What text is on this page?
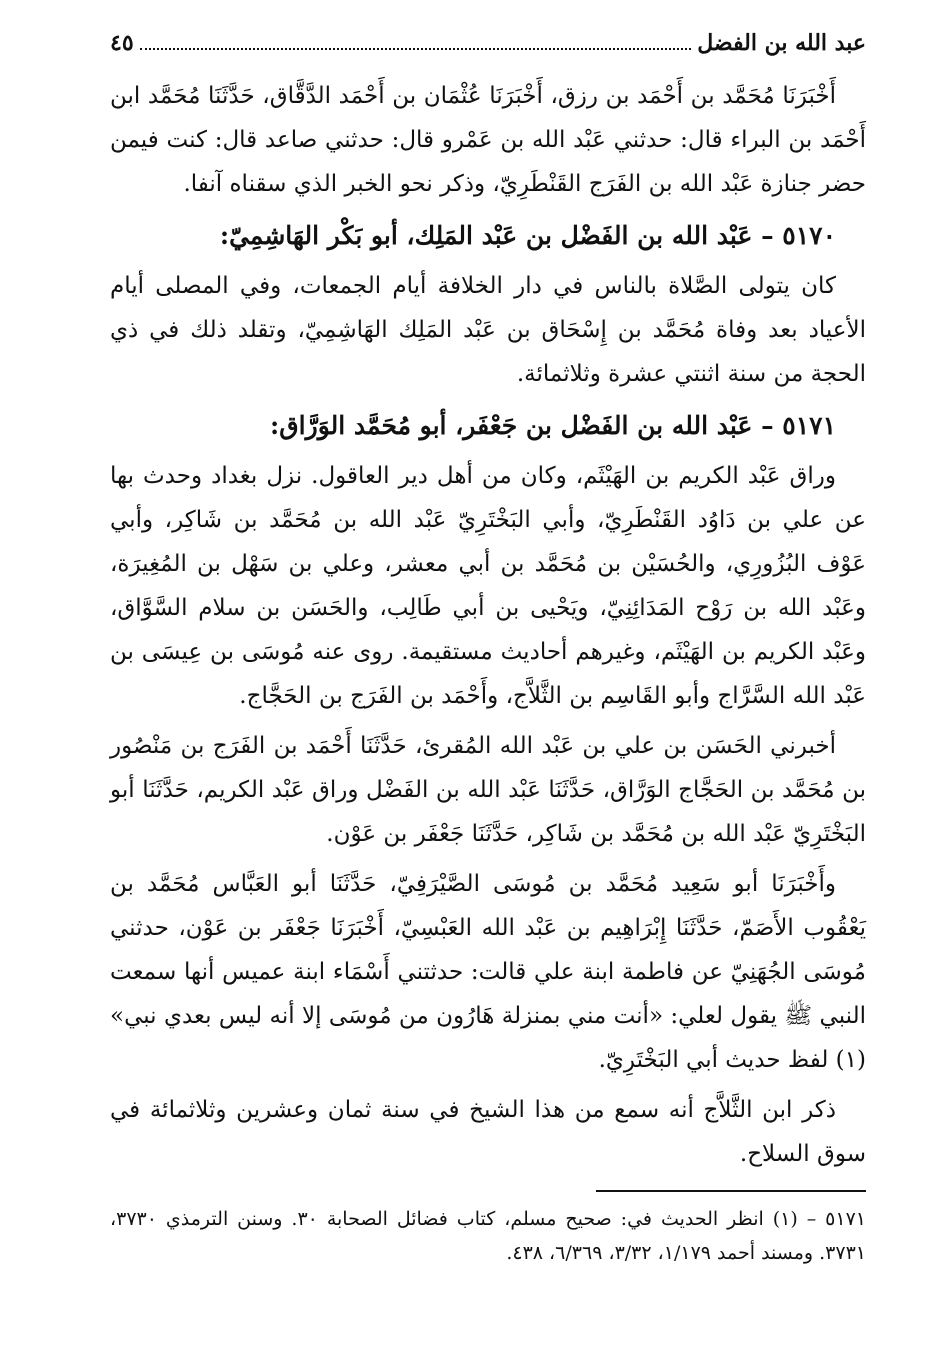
عبد الله بن الفضل
٤٥

أَخْبَرَنَا مُحَمَّد بن أَحْمَد بن رزق، أَخْبَرَنَا عُثْمَان بن أَحْمَد الدَّقَّاق، حَدَّثَنَا مُحَمَّد ابن أَحْمَد بن البراء قال: حدثني عَبْد الله بن عَمْرو قال: حدثني صاعد قال: كنت فيمن حضر جنازة عَبْد الله بن الفَرَج القَنْطَرِيّ، وذكر نحو الخبر الذي سقناه آنفا.

٥١٧٠ – عَبْد الله بن الفَضْل بن عَبْد المَلِك، أبو بَكْر الهَاشِمِيّ:

كان يتولى الصَّلاة بالناس في دار الخلافة أيام الجمعات، وفي المصلى أيام الأعياد بعد وفاة مُحَمَّد بن إِسْحَاق بن عَبْد المَلِك الهَاشِمِيّ، وتقلد ذلك في ذي الحجة من سنة اثنتي عشرة وثلاثمائة.

٥١٧١ – عَبْد الله بن الفَضْل بن جَعْفَر، أبو مُحَمَّد الوَرَّاق:

وراق عَبْد الكريم بن الهَيْثَم، وكان من أهل دير العاقول. نزل بغداد وحدث بها عن علي بن دَاوُد القَنْطَرِيّ، وأبي البَخْتَرِيّ عَبْد الله بن مُحَمَّد بن شَاكِر، وأبي عَوْف البُزُورِي، والحُسَيْن بن مُحَمَّد بن أبي معشر، وعلي بن سَهْل بن المُغِيرَة، وعَبْد الله بن رَوْح المَدَائِنِيّ، ويَحْيى بن أبي طَالِب، والحَسَن بن سلام السَّوَّاق، وعَبْد الكريم بن الهَيْثَم، وغيرهم أحاديث مستقيمة. روى عنه مُوسَى بن عِيسَى بن عَبْد الله السَّرَّاج وأبو القَاسِم بن الثَّلاَّج، وأَحْمَد بن الفَرَج بن الحَجَّاج.

أخبرني الحَسَن بن علي بن عَبْد الله المُقرئ، حَدَّثَنَا أَحْمَد بن الفَرَج بن مَنْصُور بن مُحَمَّد بن الحَجَّاج الوَرَّاق، حَدَّثَنَا عَبْد الله بن الفَضْل وراق عَبْد الكريم، حَدَّثَنَا أبو البَخْتَرِيّ عَبْد الله بن مُحَمَّد بن شَاكِر، حَدَّثَنَا جَعْفَر بن عَوْن.

وأَخْبَرَنَا أبو سَعِيد مُحَمَّد بن مُوسَى الصَّيْرَفِيّ، حَدَّثَنَا أبو العَبَّاس مُحَمَّد بن يَعْقُوب الأَصَمّ، حَدَّثَنَا إِبْرَاهِيم بن عَبْد الله العَبْسِيّ، أَخْبَرَنَا جَعْفَر بن عَوْن، حدثني مُوسَى الجُهَنِيّ عن فاطمة ابنة علي قالت: حدثتني أَسْمَاء ابنة عميس أنها سمعت النبي ﷺ يقول لعلي: «أنت مني بمنزلة هَارُون من مُوسَى إلا أنه ليس بعدي نبي» (١) لفظ حديث أبي البَخْتَرِيّ.

ذكر ابن الثَّلاَّج أنه سمع من هذا الشيخ في سنة ثمان وعشرين وثلاثمائة في سوق السلاح.

٥١٧١ – (١) انظر الحديث في: صحيح مسلم، كتاب فضائل الصحابة ٣٠. وسنن الترمذي ٣٧٣٠، ٣٧٣١. ومسند أحمد ١/١٧٩، ٣/٣٢، ٦/٣٦٩، ٤٣٨.
